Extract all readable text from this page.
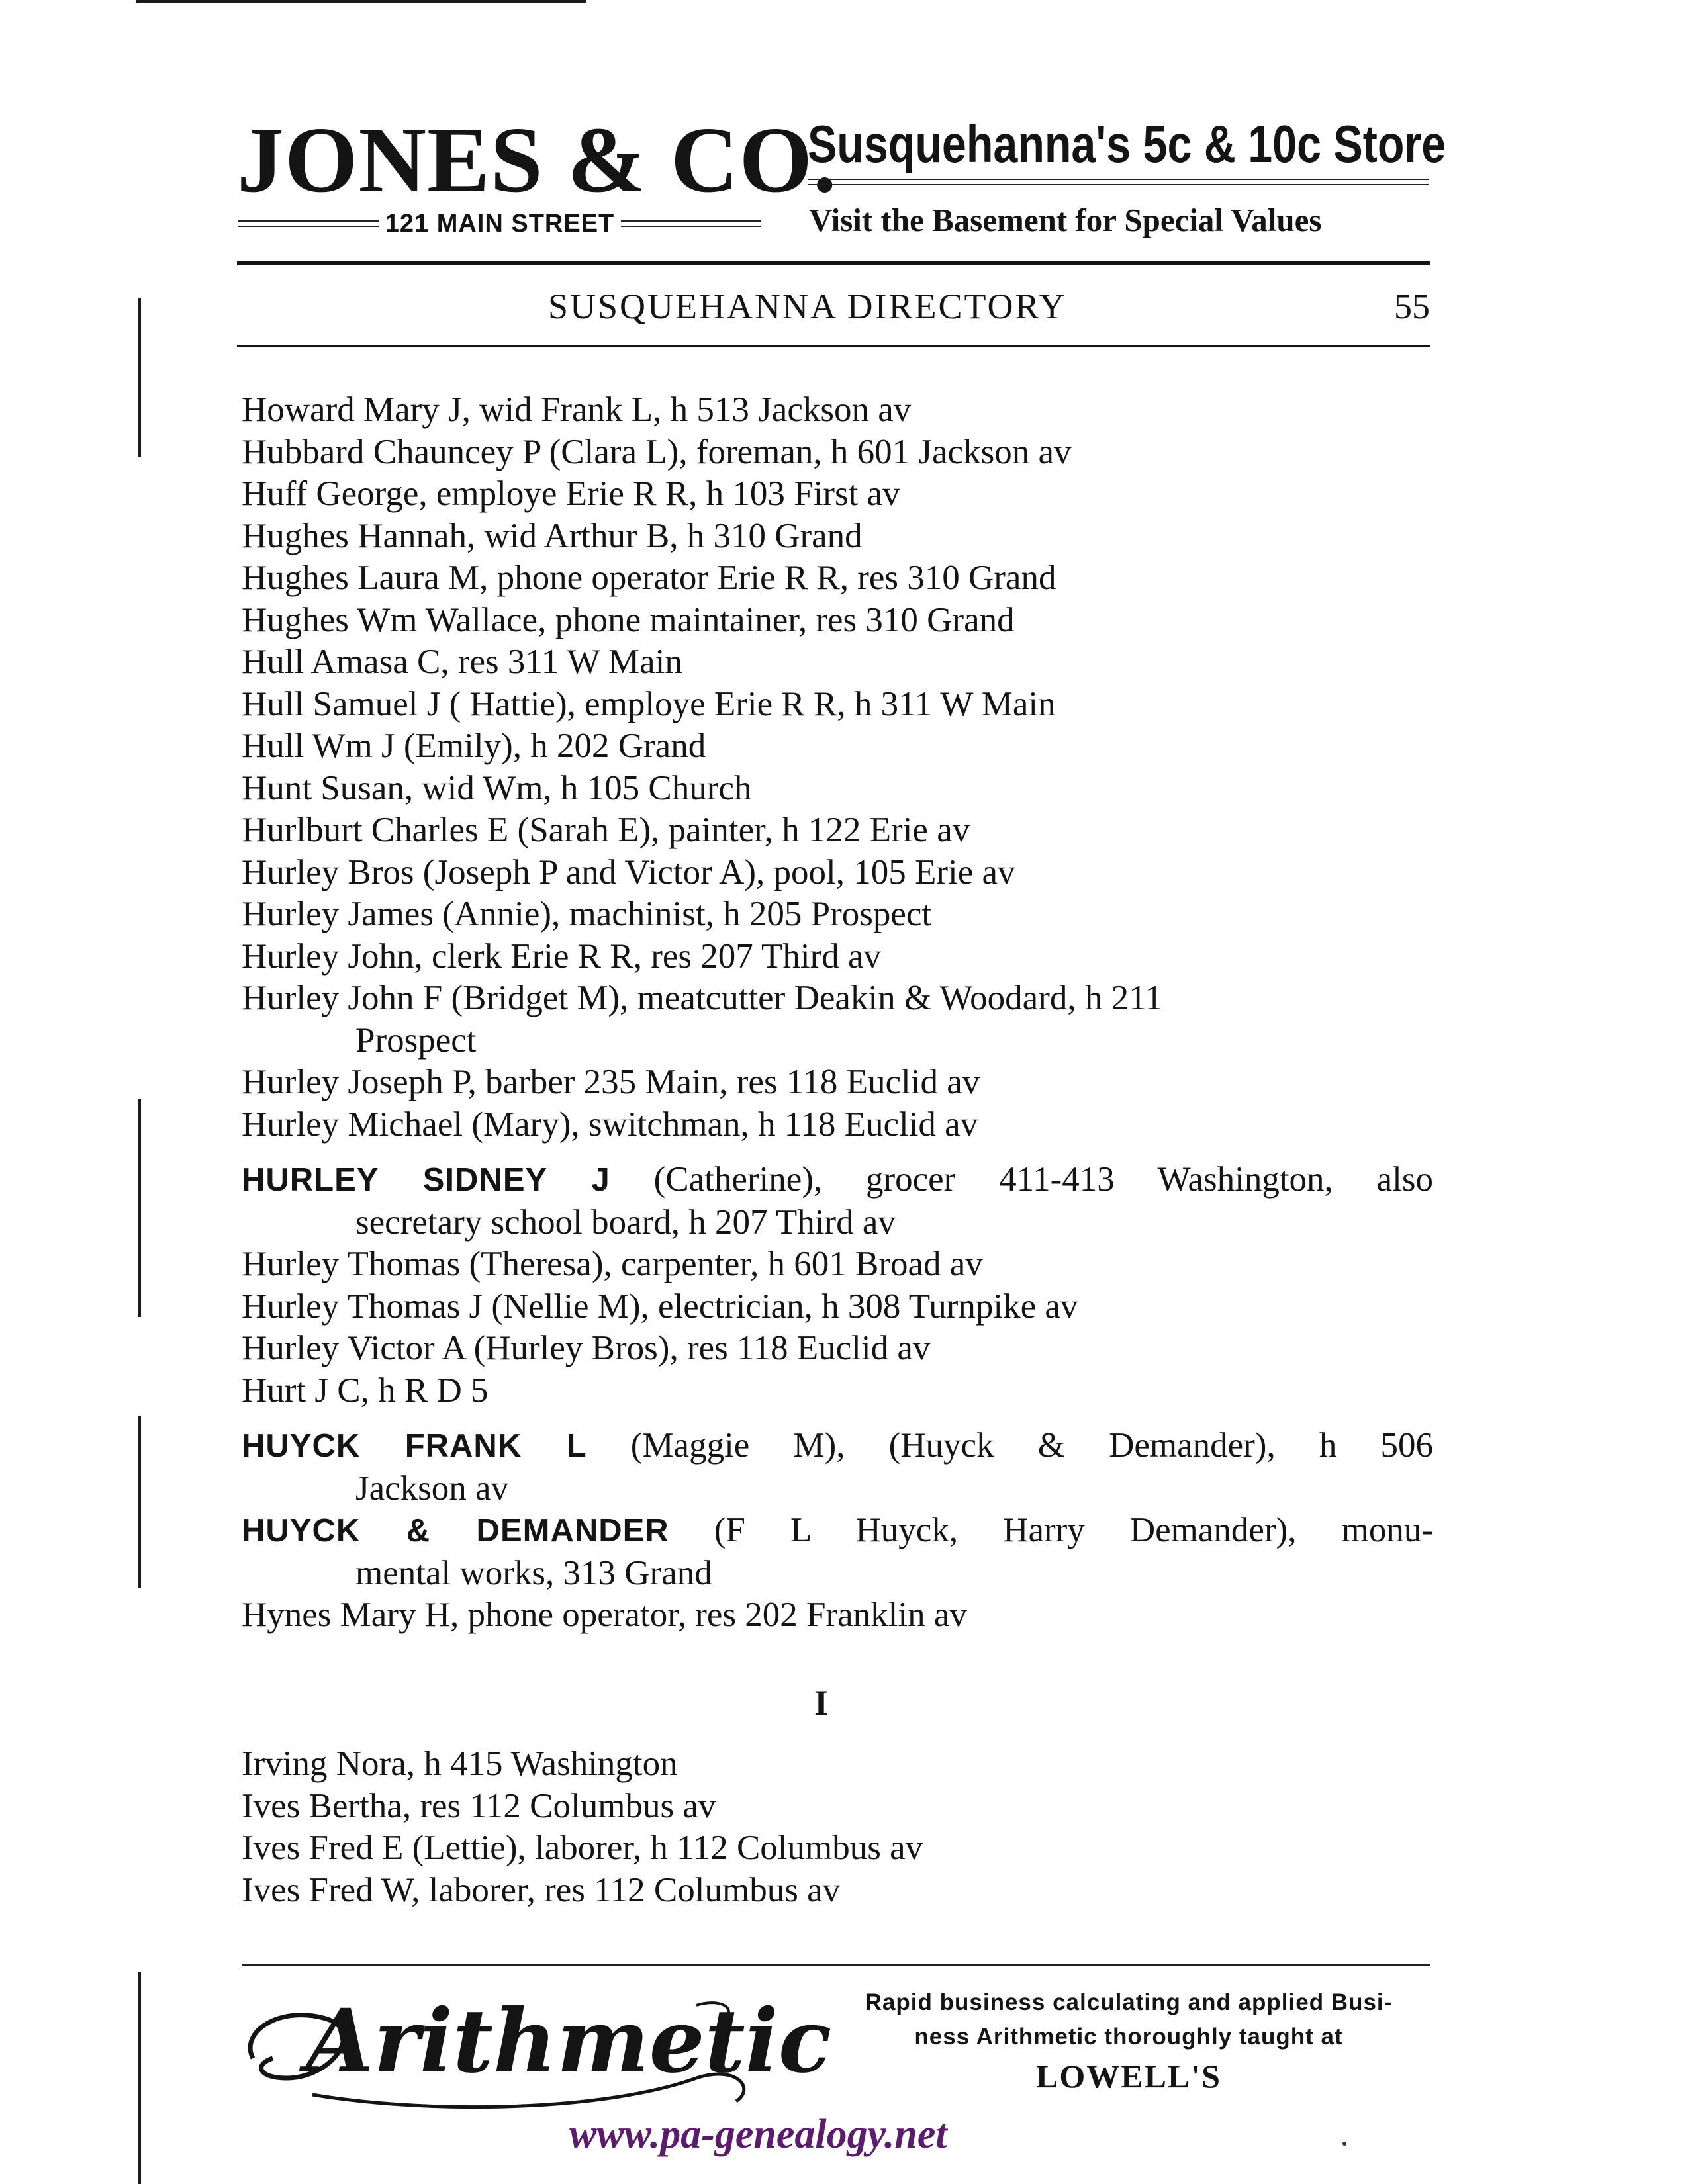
JONES & CO.
121 MAIN STREET
Susquehanna's 5c & 10c Store
Visit the Basement for Special Values
SUSQUEHANNA DIRECTORY	55
Howard Mary J, wid Frank L, h 513 Jackson av
Hubbard Chauncey P (Clara L), foreman, h 601 Jackson av
Huff George, employe Erie R R, h 103 First av
Hughes Hannah, wid Arthur B, h 310 Grand
Hughes Laura M, phone operator Erie R R, res 310 Grand
Hughes Wm Wallace, phone maintainer, res 310 Grand
Hull Amasa C, res 311 W Main
Hull Samuel J ( Hattie), employe Erie R R, h 311 W Main
Hull Wm J (Emily), h 202 Grand
Hunt Susan, wid Wm, h 105 Church
Hurlburt Charles E (Sarah E), painter, h 122 Erie av
Hurley Bros (Joseph P and Victor A), pool, 105 Erie av
Hurley James (Annie), machinist, h 205 Prospect
Hurley John, clerk Erie R R, res 207 Third av
Hurley John F (Bridget M), meatcutter Deakin & Woodard, h 211
Prospect
Hurley Joseph P, barber 235 Main, res 118 Euclid av
Hurley Michael (Mary), switchman, h 118 Euclid av
HURLEY SIDNEY J (Catherine), grocer 411-413 Washington, also
secretary school board, h 207 Third av
Hurley Thomas (Theresa), carpenter, h 601 Broad av
Hurley Thomas J (Nellie M), electrician, h 308 Turnpike av
Hurley Victor A (Hurley Bros), res 118 Euclid av
Hurt J C, h R D 5
HUYCK FRANK L (Maggie M), (Huyck & Demander), h 506
Jackson av
HUYCK & DEMANDER (F L Huyck, Harry Demander), monu-
mental works, 313 Grand
Hynes Mary H, phone operator, res 202 Franklin av
I
Irving Nora, h 415 Washington
Ives Bertha, res 112 Columbus av
Ives Fred E (Lettie), laborer, h 112 Columbus av
Ives Fred W, laborer, res 112 Columbus av
Arithmetic	Rapid business calculating and applied Busi-
ness Arithmetic thoroughly taught at
LOWELL'S
www.pa-genealogy.net
